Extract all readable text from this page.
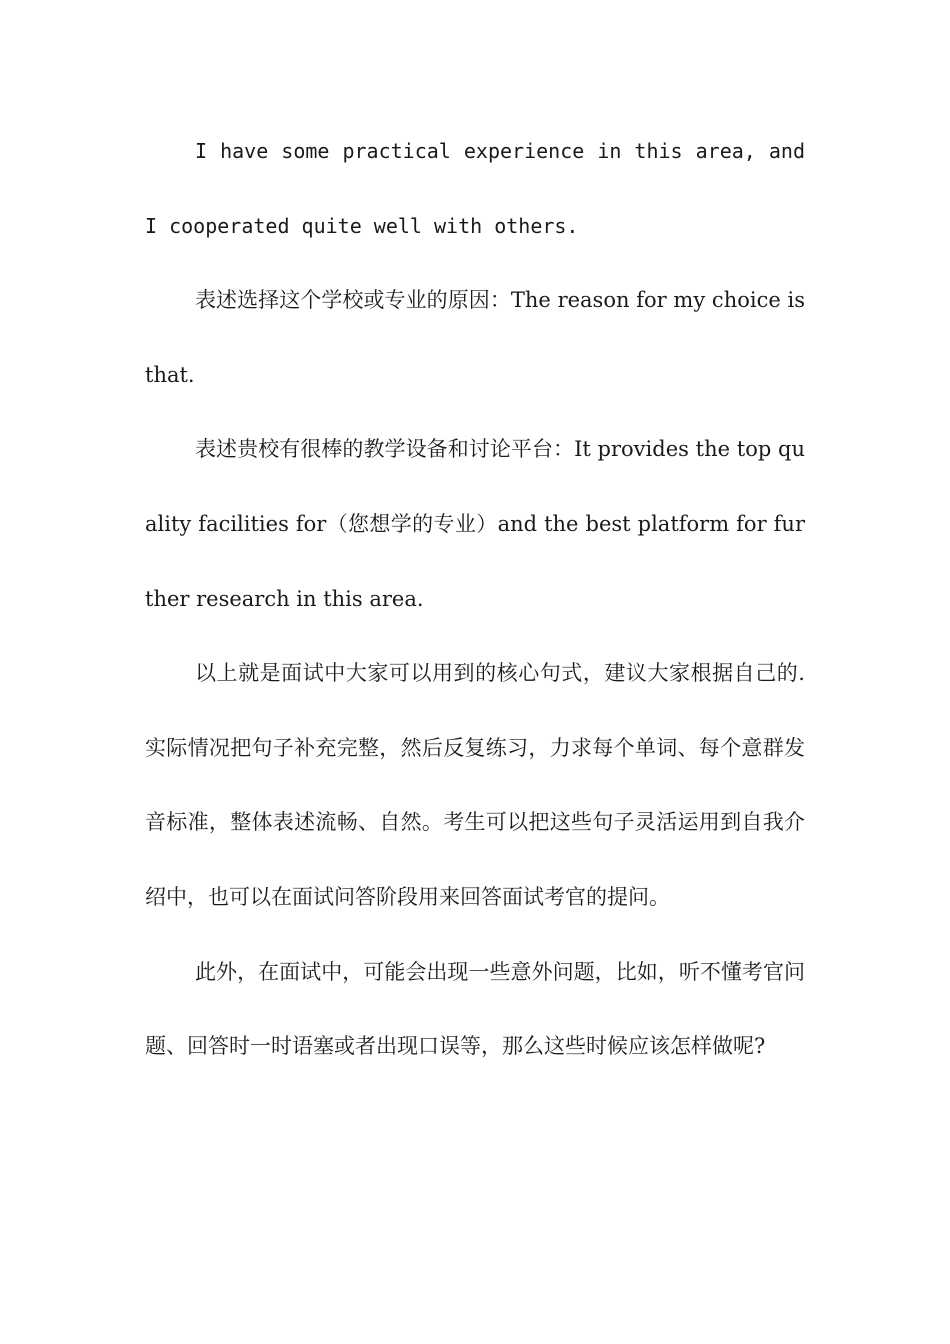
I have some practical experience in this area, and I cooperated quite well with others.

表述选择这个学校或专业的原因：The reason for my choice is that.

表述贵校有很棒的教学设备和讨论平台：It provides the top quality facilities for（您想学的专业）and the best platform for further research in this area.

以上就是面试中大家可以用到的核心句式，建议大家根据自己的.实际情况把句子补充完整，然后反复练习，力求每个单词、每个意群发音标准，整体表述流畅、自然。考生可以把这些句子灵活运用到自我介绍中，也可以在面试问答阶段用来回答面试考官的提问。

此外，在面试中，可能会出现一些意外问题，比如，听不懂考官问题、回答时一时语塞或者出现口误等，那么这些时候应该怎样做呢?
